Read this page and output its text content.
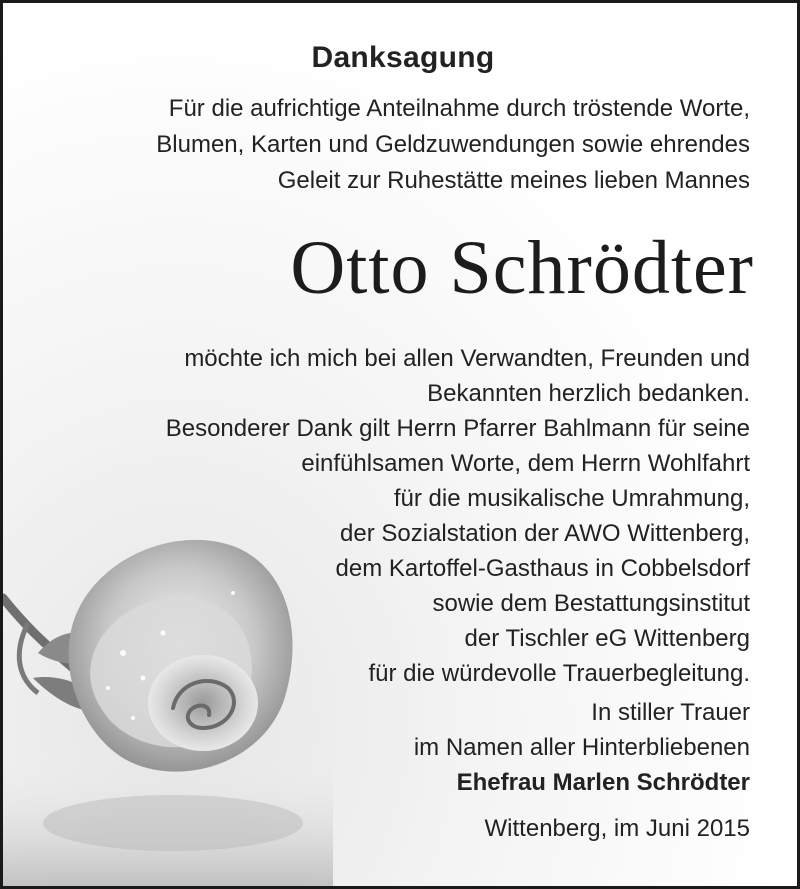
Danksagung
Für die aufrichtige Anteilnahme durch tröstende Worte,
Blumen, Karten und Geldzuwendungen sowie ehrendes
Geleit zur Ruhestätte meines lieben Mannes
Otto Schrödter
möchte ich mich bei allen Verwandten, Freunden und
Bekannten herzlich bedanken.
Besonderer Dank gilt Herrn Pfarrer Bahlmann für seine
einfühlsamen Worte, dem Herrn Wohlfahrt
für die musikalische Umrahmung,
der Sozialstation der AWO Wittenberg,
dem Kartoffel-Gasthaus in Cobbelsdorf
sowie dem Bestattungsinstitut
der Tischler eG Wittenberg
für die würdevolle Trauerbegleitung.
In stiller Trauer
im Namen aller Hinterbliebenen
Ehefrau Marlen Schrödter
Wittenberg, im Juni 2015
